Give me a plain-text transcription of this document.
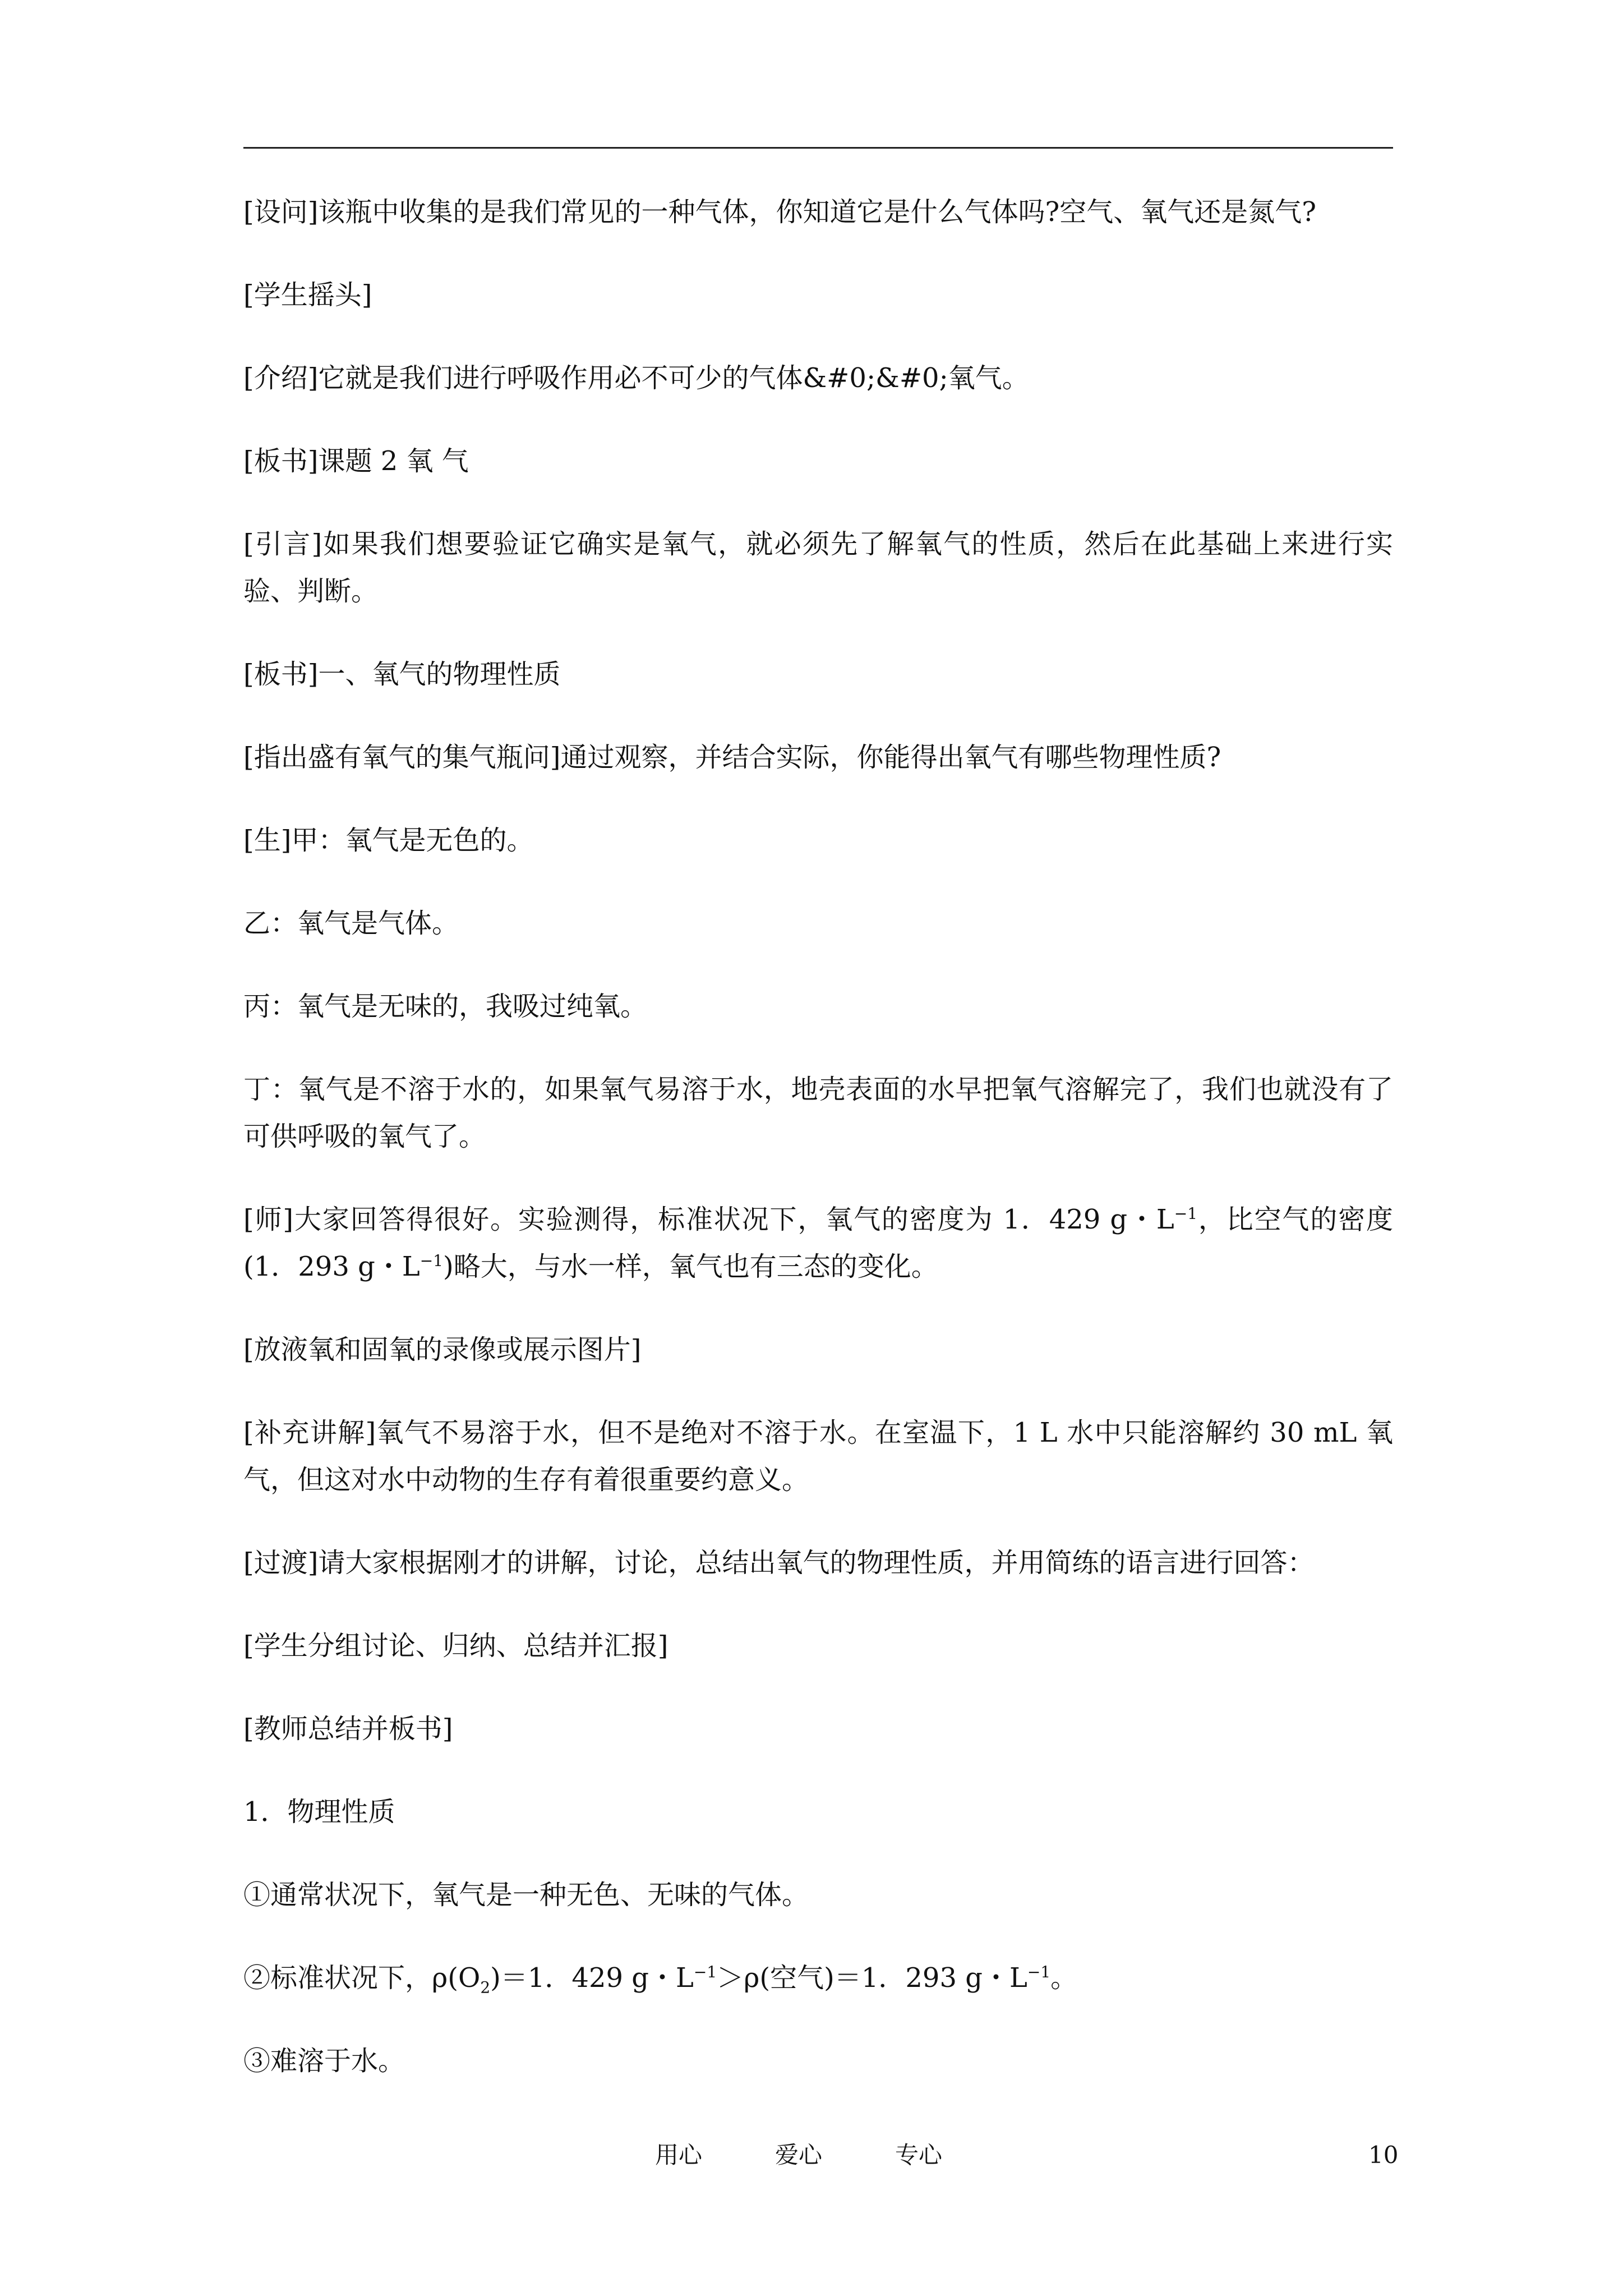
[设问]该瓶中收集的是我们常见的一种气体，你知道它是什么气体吗?空气、氧气还是氮气?

[学生摇头]

[介绍]它就是我们进行呼吸作用必不可少的气体&#0;&#0;氧气。

[板书]课题 2 氧 气

[引言]如果我们想要验证它确实是氧气，就必须先了解氧气的性质，然后在此基础上来进行实验、判断。

[板书]一、氧气的物理性质

[指出盛有氧气的集气瓶问]通过观察，并结合实际，你能得出氧气有哪些物理性质?

[生]甲：氧气是无色的。

乙：氧气是气体。

丙：氧气是无味的，我吸过纯氧。

丁：氧气是不溶于水的，如果氧气易溶于水，地壳表面的水早把氧气溶解完了，我们也就没有了可供呼吸的氧气了。

[师]大家回答得很好。实验测得，标准状况下，氧气的密度为 1．429 g・$L^{-1}$，比空气的密度(1．293 g・$L^{-1}$)略大，与水一样，氧气也有三态的变化。

[放液氧和固氧的录像或展示图片]

[补充讲解]氧气不易溶于水，但不是绝对不溶于水。在室温下，1 L 水中只能溶解约 30 mL 氧气，但这对水中动物的生存有着很重要约意义。

[过渡]请大家根据刚才的讲解，讨论，总结出氧气的物理性质，并用简练的语言进行回答：

[学生分组讨论、归纳、总结并汇报]

[教师总结并板书]

1．物理性质

①通常状况下，氧气是一种无色、无味的气体。

②标准状况下，$\rho(O_2)=1$．429 g・$L^{-1}>\rho$(空气)＝1．293 g・$L^{-1}$。

③难溶于水。

用心	爱心	专心	10
